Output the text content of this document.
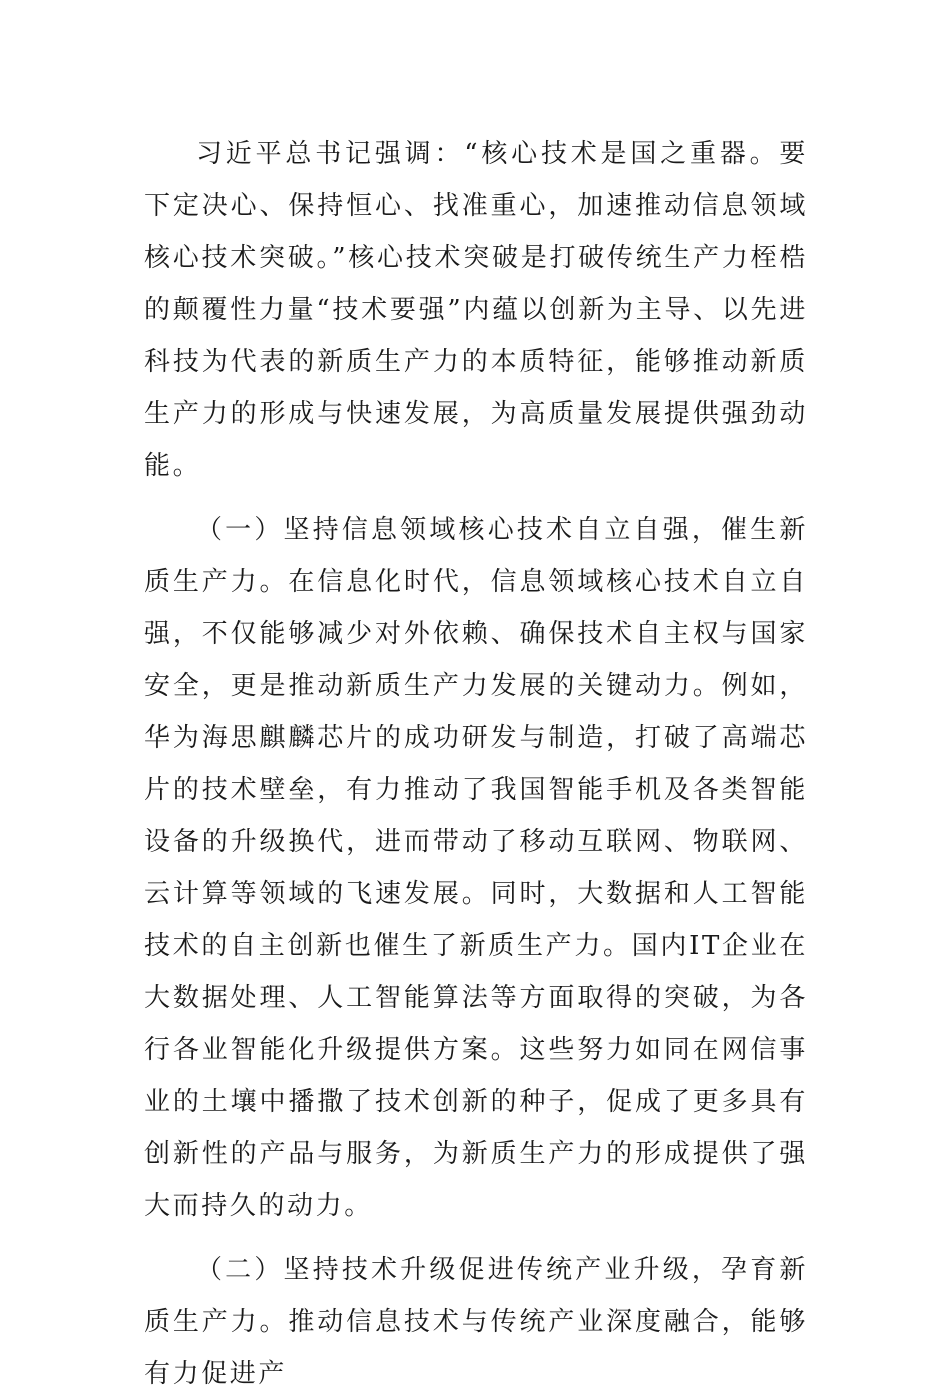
习近平总书记强调：“核心技术是国之重器。要下定决心、保持恒心、找准重心，加速推动信息领域核心技术突破。”核心技术突破是打破传统生产力桎梏的颠覆性力量“技术要强”内蕴以创新为主导、以先进科技为代表的新质生产力的本质特征，能够推动新质生产力的形成与快速发展，为高质量发展提供强劲动能。

（一）坚持信息领域核心技术自立自强，催生新质生产力。在信息化时代，信息领域核心技术自立自强，不仅能够减少对外依赖、确保技术自主权与国家安全，更是推动新质生产力发展的关键动力。例如，华为海思麒麟芯片的成功研发与制造，打破了高端芯片的技术壁垒，有力推动了我国智能手机及各类智能设备的升级换代，进而带动了移动互联网、物联网、云计算等领域的飞速发展。同时，大数据和人工智能技术的自主创新也催生了新质生产力。国内IT企业在大数据处理、人工智能算法等方面取得的突破，为各行各业智能化升级提供方案。这些努力如同在网信事业的土壤中播撒了技术创新的种子，促成了更多具有创新性的产品与服务，为新质生产力的形成提供了强大而持久的动力。

（二）坚持技术升级促进传统产业升级，孕育新质生产力。推动信息技术与传统产业深度融合，能够有力促进产
